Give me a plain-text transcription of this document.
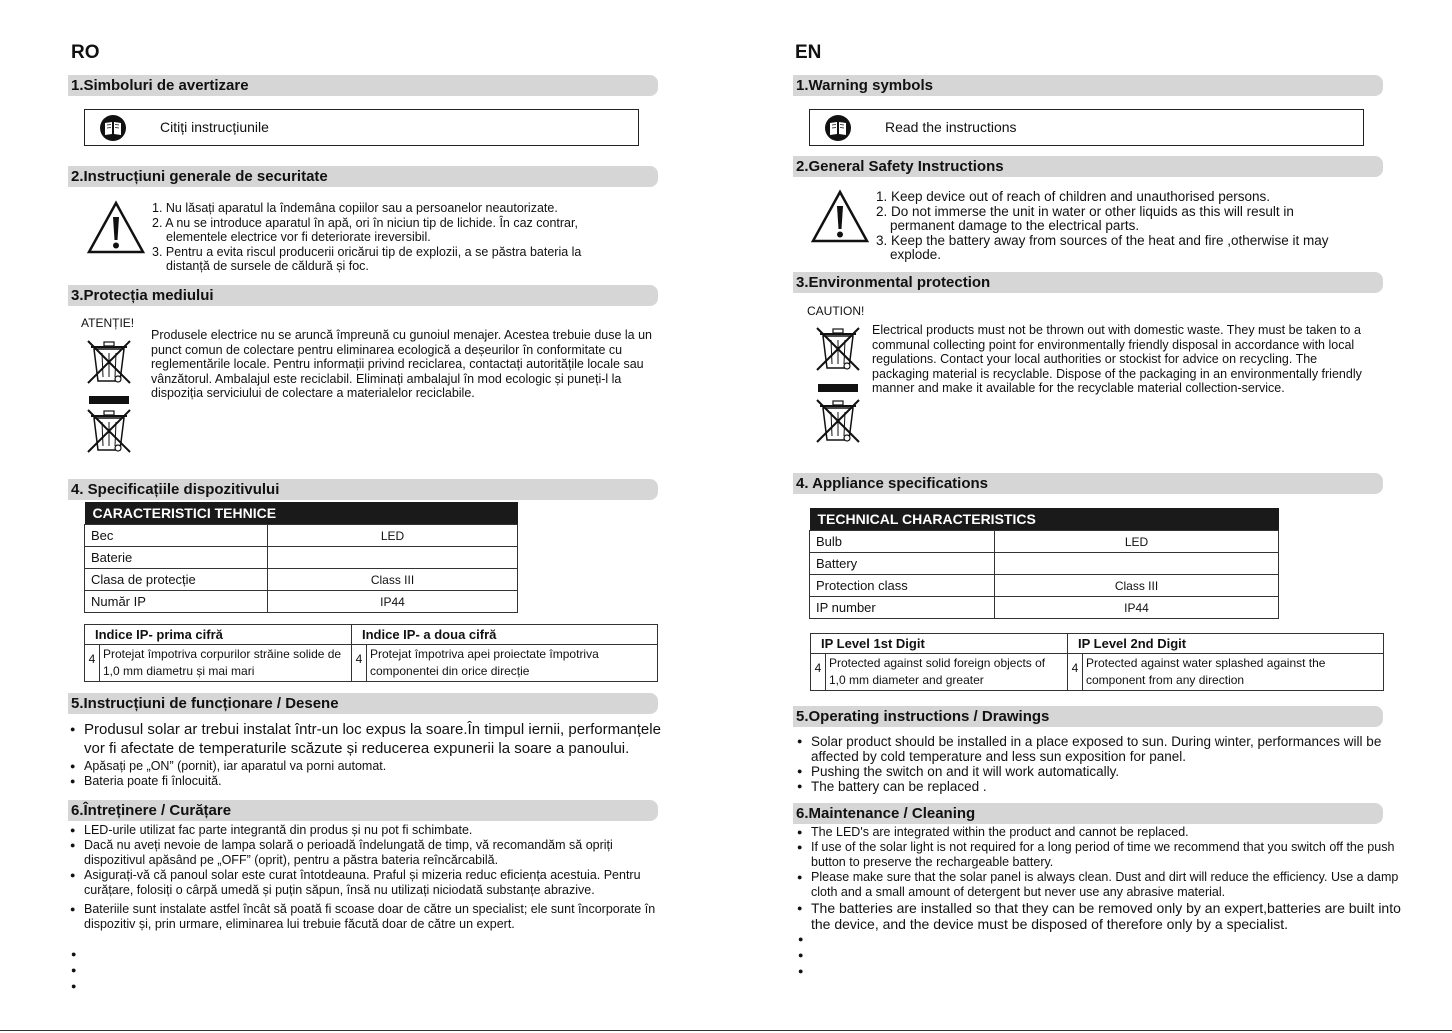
RO
1.Simboluri de avertizare
Citiți instrucțiunile
2.Instrucțiuni generale de securitate
1. Nu lăsați aparatul la îndemâna copiilor sau a persoanelor neautorizate.
2. A nu se introduce aparatul în apă, ori în niciun tip de lichide. În caz contrar, elementele electrice vor fi deteriorate ireversibil.
3. Pentru a evita riscul producerii oricărui tip de explozii, a se păstra bateria la distanță de sursele de căldură și foc.
3.Protecția mediului
ATENȚIE!
Produsele electrice nu se aruncă împreună cu gunoiul menajer. Acestea trebuie duse la un punct comun de colectare pentru eliminarea ecologică a deșeurilor în conformitate cu reglementările locale. Pentru informații privind reciclarea, contactați autoritățile locale sau vânzătorul. Ambalajul este reciclabil. Eliminați ambalajul în mod ecologic și puneți-l la dispoziția serviciului de colectare a materialelor reciclabile.
4. Specificațiile dispozitivului
CARACTERISTICI TEHNICE	
Bec	LED
Baterie	
Clasa de protecție	Class III
Număr IP	IP44
Indice IP- prima cifră		Indice IP- a doua cifră	
4	Protejat împotriva corpurilor străine solide de 1,0 mm diametru și mai mari	4	Protejat împotriva apei proiectate împotriva componentei din orice direcție
5.Instrucțiuni de funcționare / Desene
● Produsul solar ar trebui instalat într-un loc expus la soare.În timpul iernii, performanțele vor fi afectate de temperaturile scăzute și reducerea expunerii la soare a panoului.
● Apăsați pe „ON” (pornit), iar aparatul va porni automat.
● Bateria poate fi înlocuită.
6.Întreținere / Curățare
● LED-urile utilizat fac parte integrantă din produs și nu pot fi schimbate.
● Dacă nu aveți nevoie de lampa solară o perioadă îndelungată de timp, vă recomandăm să opriți dispozitivul apăsând pe „OFF” (oprit), pentru a păstra bateria reîncărcabilă.
● Asigurați-vă că panoul solar este curat întotdeauna. Praful și mizeria reduc eficiența acestuia. Pentru curățare, folosiți o cârpă umedă și puțin săpun, însă nu utilizați niciodată substanțe abrazive.
● Bateriile sunt instalate astfel încât să poată fi scoase doar de către un specialist; ele sunt încorporate în dispozitiv și, prin urmare, eliminarea lui trebuie făcută doar de către un expert.
EN
1.Warning symbols
Read the instructions
2.General Safety Instructions
1. Keep device out of reach of children and unauthorised persons.
2. Do not immerse the unit in water or other liquids as this will result in permanent damage to the electrical parts.
3. Keep the battery away from sources of the heat and fire ,otherwise it may explode.
3.Environmental protection
CAUTION!
Electrical products must not be thrown out with domestic waste. They must be taken to a communal collecting point for environmentally friendly disposal in accordance with local regulations. Contact your local authorities or stockist for advice on recycling. The packaging material is recyclable. Dispose of the packaging in an environmentally friendly manner and make it available for the recyclable material collection-service.
4. Appliance specifications
TECHNICAL CHARACTERISTICS	
Bulb	LED
Battery	
Protection class	Class III
IP number	IP44
IP Level 1st Digit		IP Level 2nd Digit	
4	Protected against solid foreign objects of 1,0 mm diameter and greater	4	Protected against water splashed against the component from any direction
5.Operating instructions / Drawings
● Solar product should be installed in a place exposed to sun. During winter, performances will be affected by cold temperature and less sun exposition for panel.
● Pushing the switch on and it will work automatically.
● The battery can be replaced .
6.Maintenance / Cleaning
● The LED's are integrated within the product and cannot be replaced.
● If use of the solar light is not required for a long period of time we recommend that you switch off the push button to preserve the rechargeable battery.
● Please make sure that the solar panel is always clean. Dust and dirt will reduce the efficiency. Use a damp cloth and a small amount of detergent but never use any abrasive material.
● The batteries are installed so that they can be removed only by an expert,batteries are built into the device, and the device must be disposed of therefore only by a specialist.
